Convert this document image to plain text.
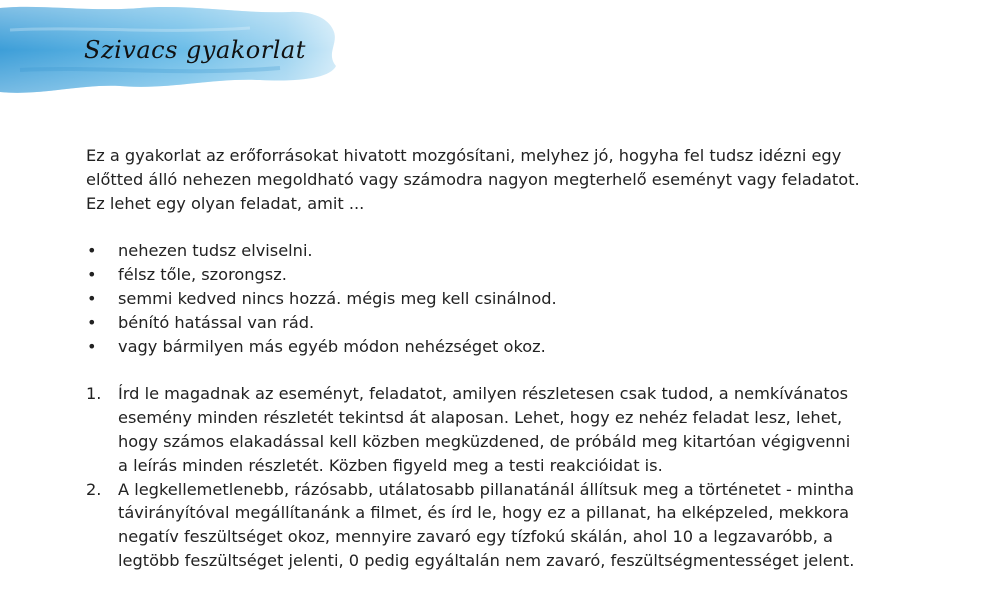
Szivacs gyakorlat
Ez a gyakorlat az erőforrásokat hivatott mozgósítani, melyhez jó, hogyha fel tudsz idézni egy
előtted álló nehezen megoldható vagy számodra nagyon megterhelő eseményt vagy feladatot.
Ez lehet egy olyan feladat, amit ...
• nehezen tudsz elviselni.
• félsz tőle, szorongsz.
• semmi kedved nincs hozzá. mégis meg kell csinálnod.
• bénító hatással van rád.
• vagy bármilyen más egyéb módon nehézséget okoz.
1. Írd le magadnak az eseményt, feladatot, amilyen részletesen csak tudod, a nemkívánatos
esemény minden részletét tekintsd át alaposan. Lehet, hogy ez nehéz feladat lesz, lehet,
hogy számos elakadással kell közben megküzdened, de próbáld meg kitartóan végigvenni
a leírás minden részletét. Közben figyeld meg a testi reakcióidat is.
2. A legkellemetlenebb, rázósabb, utálatosabb pillanatánál állítsuk meg a történetet - mintha
távirányítóval megállítanánk a filmet, és írd le, hogy ez a pillanat, ha elképzeled, mekkora
negatív feszültséget okoz, mennyire zavaró egy tízfokú skálán, ahol 10 a legzavaróbb, a
legtöbb feszültséget jelenti, 0 pedig egyáltalán nem zavaró, feszültségmentességet jelent.
